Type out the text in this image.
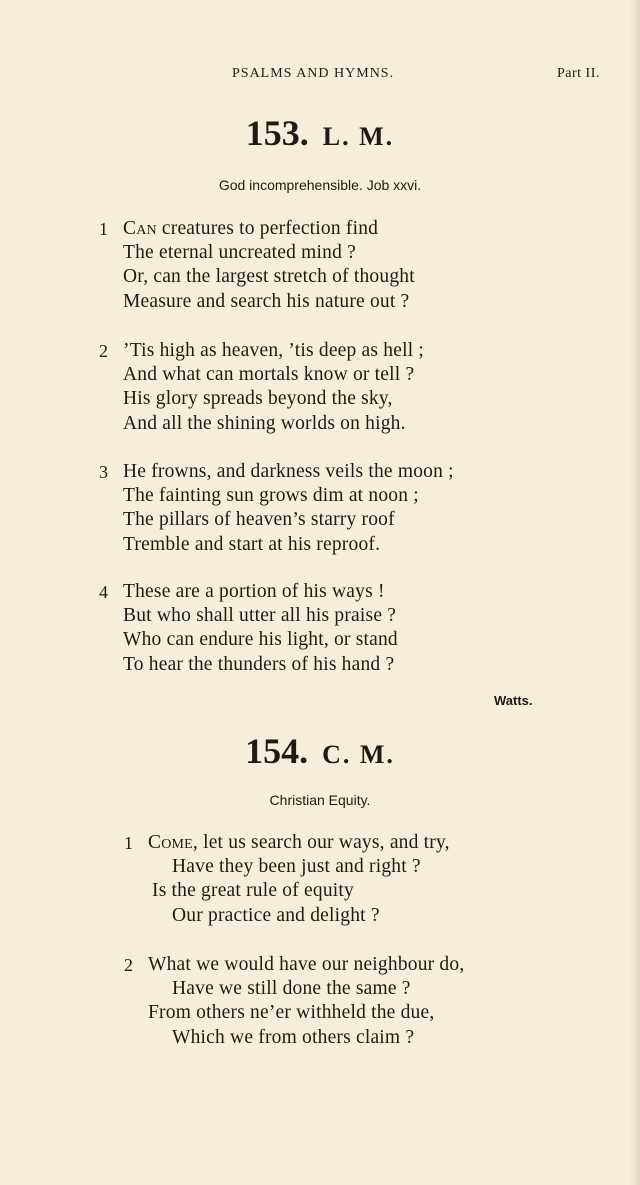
PSALMS AND HYMNS.	Part II.
153. L. M.
God incomprehensible. Job xxvi.
1 Can creatures to perfection find
The eternal uncreated mind ?
Or, can the largest stretch of thought
Measure and search his nature out ?
2 ’Tis high as heaven, ’tis deep as hell ;
And what can mortals know or tell ?
His glory spreads beyond the sky,
And all the shining worlds on high.
3 He frowns, and darkness veils the moon ;
The fainting sun grows dim at noon ;
The pillars of heaven’s starry roof
Tremble and start at his reproof.
4 These are a portion of his ways !
But who shall utter all his praise ?
Who can endure his light, or stand
To hear the thunders of his hand ?
Watts.
154. C. M.
Christian Equity.
1 Come, let us search our ways, and try,
Have they been just and right ?
Is the great rule of equity
Our practice and delight ?
2 What we would have our neighbour do,
Have we still done the same ?
From others ne’er withheld the due,
Which we from others claim ?
